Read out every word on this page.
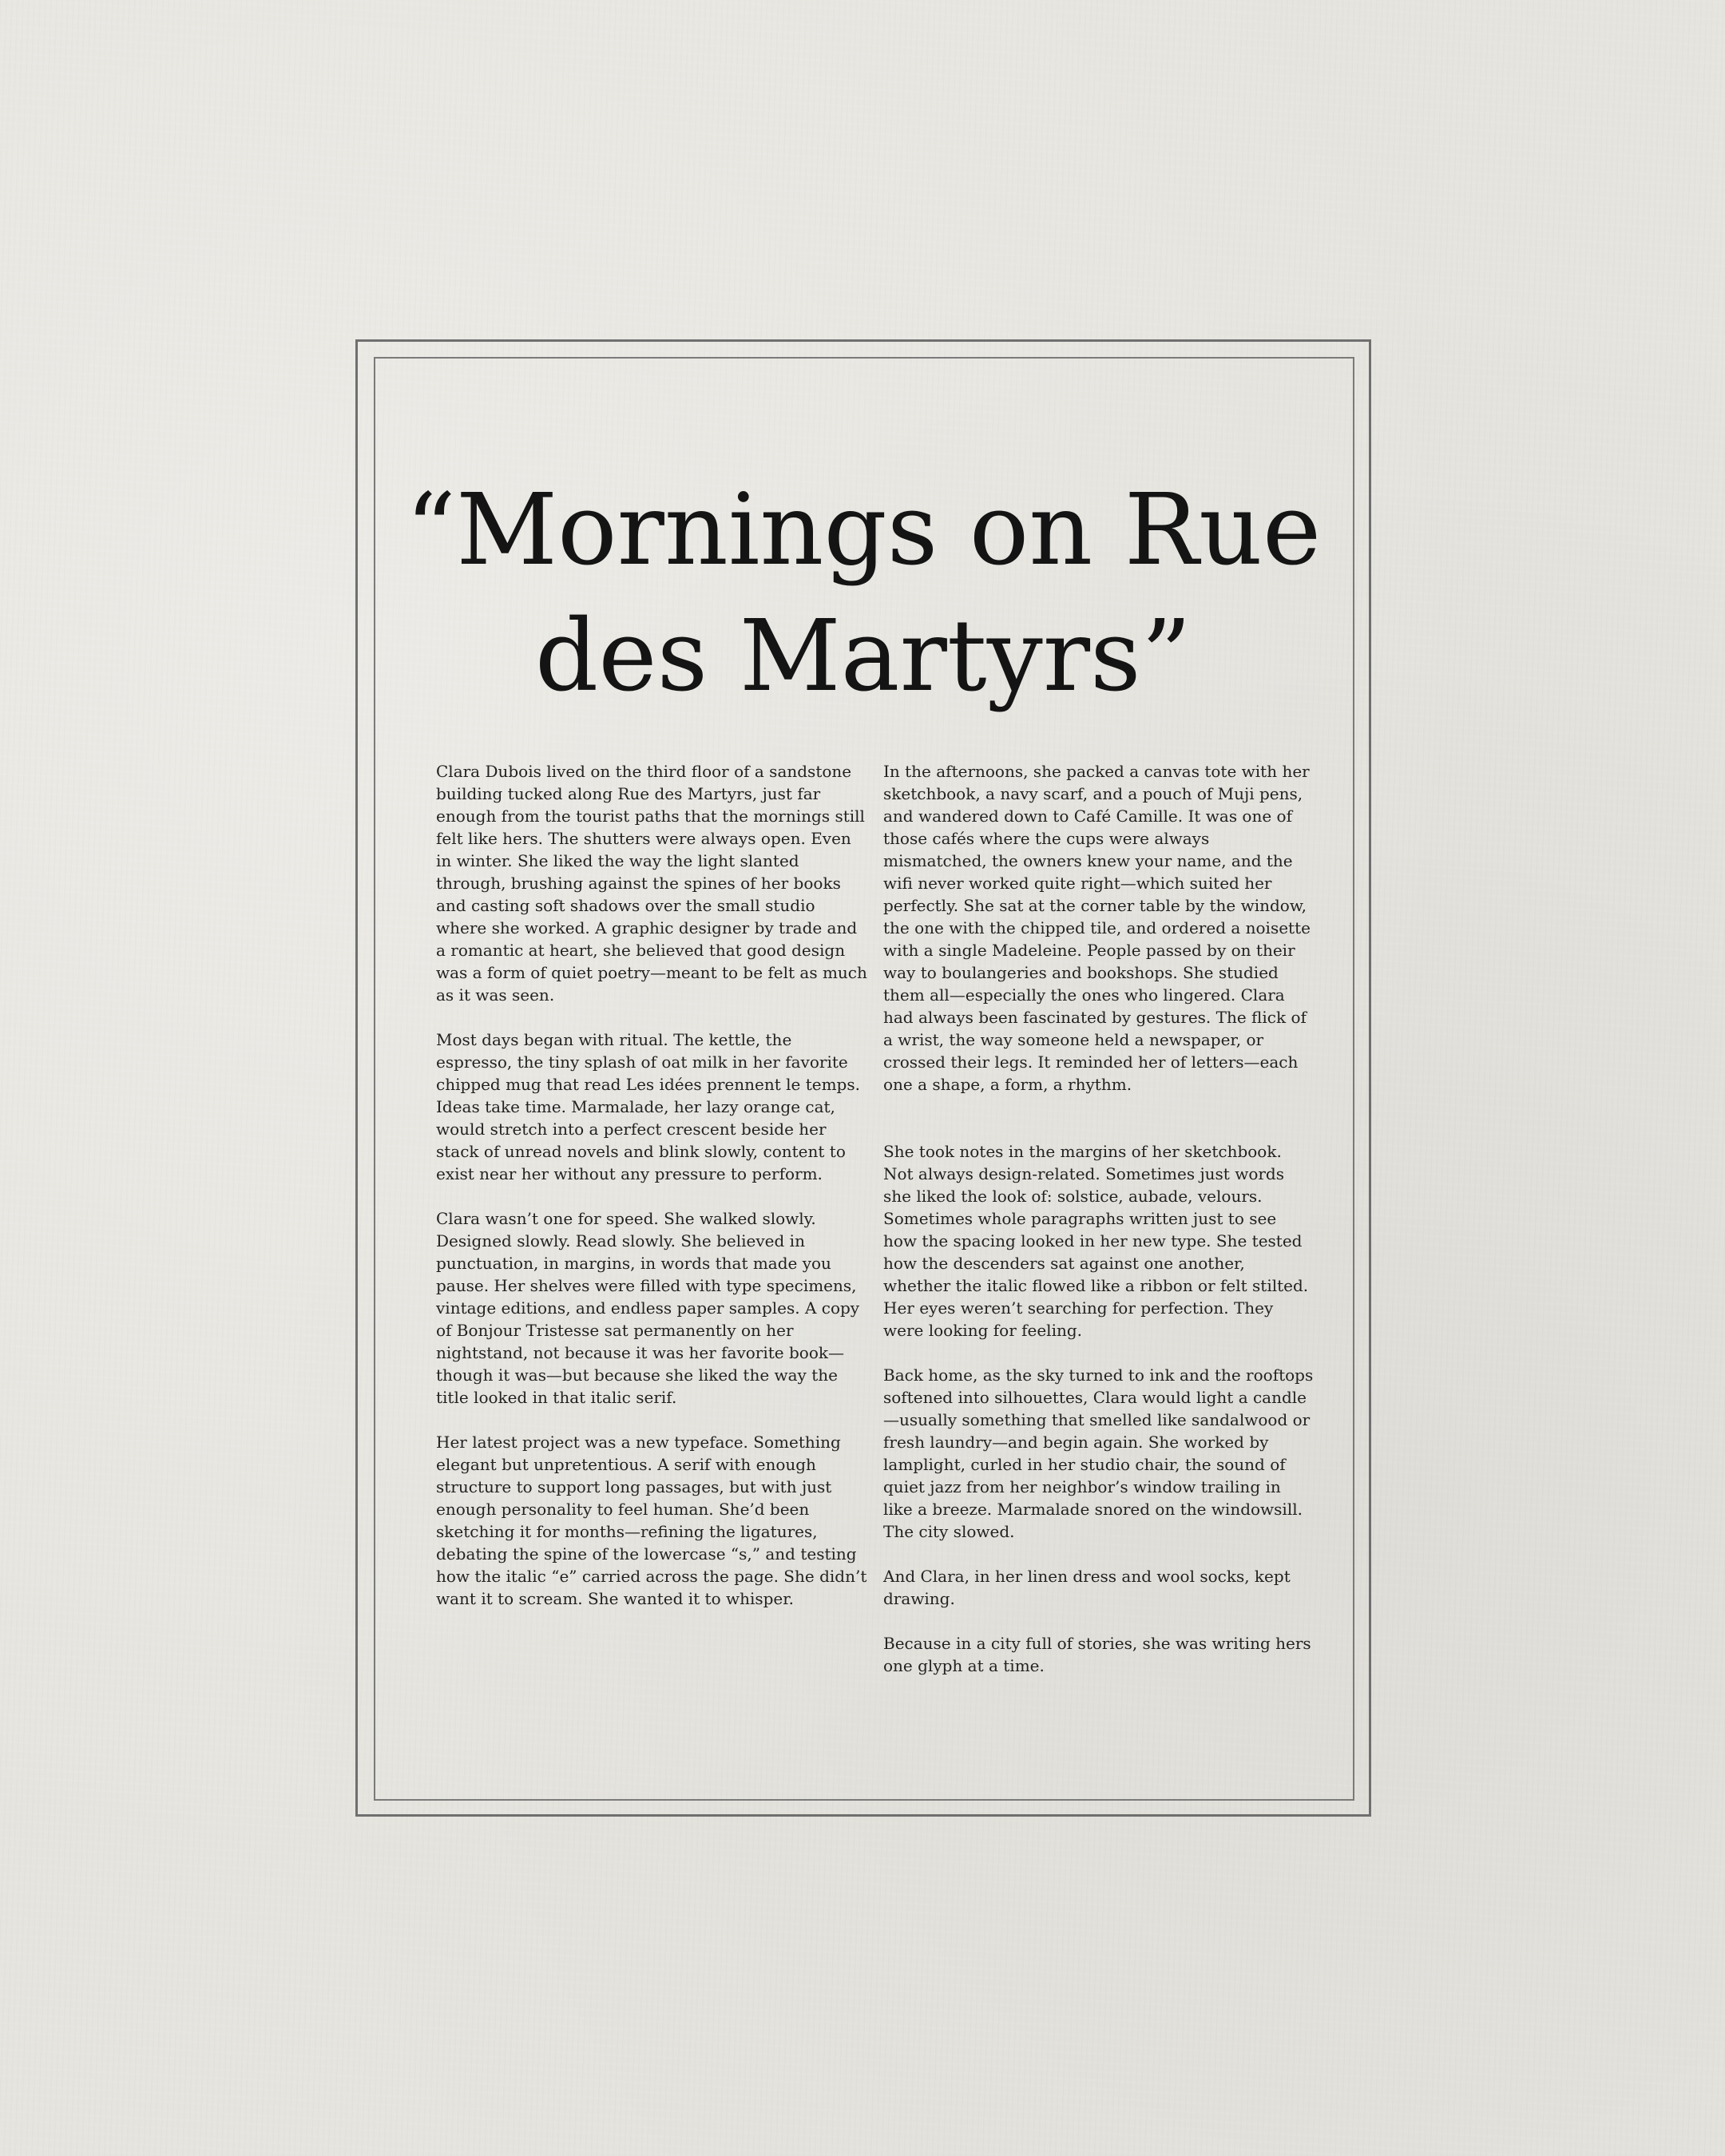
“Mornings on Rue des Martyrs”

Clara Dubois lived on the third floor of a sandstone building tucked along Rue des Martyrs, just far enough from the tourist paths that the mornings still felt like hers. The shutters were always open. Even in winter. She liked the way the light slanted through, brushing against the spines of her books and casting soft shadows over the small studio where she worked. A graphic designer by trade and a romantic at heart, she believed that good design was a form of quiet poetry—meant to be felt as much as it was seen.

Most days began with ritual. The kettle, the espresso, the tiny splash of oat milk in her favorite chipped mug that read Les idées prennent le temps. Ideas take time. Marmalade, her lazy orange cat, would stretch into a perfect crescent beside her stack of unread novels and blink slowly, content to exist near her without any pressure to perform.

Clara wasn’t one for speed. She walked slowly. Designed slowly. Read slowly. She believed in punctuation, in margins, in words that made you pause. Her shelves were filled with type specimens, vintage editions, and endless paper samples. A copy of Bonjour Tristesse sat permanently on her nightstand, not because it was her favorite book—though it was—but because she liked the way the title looked in that italic serif.

Her latest project was a new typeface. Something elegant but unpretentious. A serif with enough structure to support long passages, but with just enough personality to feel human. She’d been sketching it for months—refining the ligatures, debating the spine of the lowercase “s,” and testing how the italic “e” carried across the page. She didn’t want it to scream. She wanted it to whisper.

In the afternoons, she packed a canvas tote with her sketchbook, a navy scarf, and a pouch of Muji pens, and wandered down to Café Camille. It was one of those cafés where the cups were always mismatched, the owners knew your name, and the wifi never worked quite right—which suited her perfectly. She sat at the corner table by the window, the one with the chipped tile, and ordered a noisette with a single Madeleine. People passed by on their way to boulangeries and bookshops. She studied them all—especially the ones who lingered. Clara had always been fascinated by gestures. The flick of a wrist, the way someone held a newspaper, or crossed their legs. It reminded her of letters—each one a shape, a form, a rhythm.

She took notes in the margins of her sketchbook. Not always design-related. Sometimes just words she liked the look of: solstice, aubade, velours. Sometimes whole paragraphs written just to see how the spacing looked in her new type. She tested how the descenders sat against one another, whether the italic flowed like a ribbon or felt stilted. Her eyes weren’t searching for perfection. They were looking for feeling.

Back home, as the sky turned to ink and the rooftops softened into silhouettes, Clara would light a candle—usually something that smelled like sandalwood or fresh laundry—and begin again. She worked by lamplight, curled in her studio chair, the sound of quiet jazz from her neighbor’s window trailing in like a breeze. Marmalade snored on the windowsill. The city slowed.

And Clara, in her linen dress and wool socks, kept drawing.

Because in a city full of stories, she was writing hers one glyph at a time.
